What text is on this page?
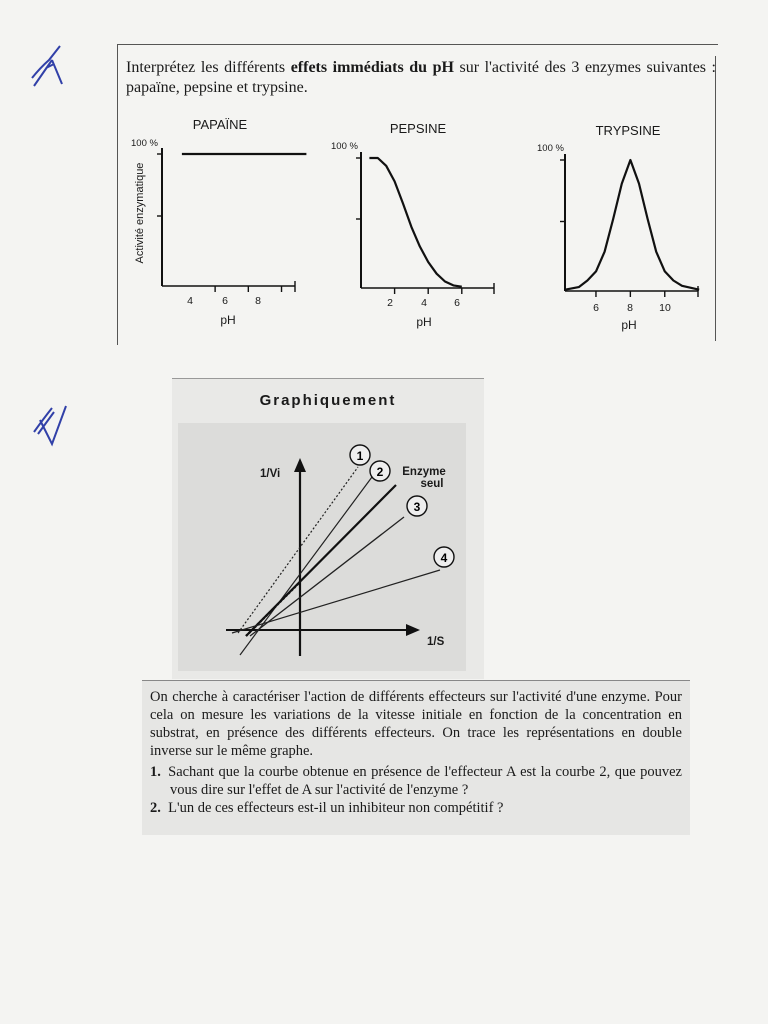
Interprétez les différents effets immédiats du pH sur l'activité des 3 enzymes suivantes : papaïne, pepsine et trypsine.
PAPAÏNE	PEPSINE	TRYPSINE
100 %	100 %	100 %
Activité enzymatique
4	6	8
pH
2	4	6
pH
6	8	10
pH
Graphiquement
1
2
3
4
1/Vi
1/S
Enzyme
seul

On cherche à caractériser l'action de différents effecteurs sur l'activité d'une enzyme. Pour cela on mesure les variations de la vitesse initiale en fonction de la concentration en substrat, en présence des différents effecteurs. On trace les représentations en double inverse sur le même graphe.

1.  Sachant que la courbe obtenue en présence de l'effecteur A est la courbe 2, que pouvez vous dire sur l'effet de A sur l'activité de l'enzyme ?

2.  L'un de ces effecteurs est-il un inhibiteur non compétitif ?
